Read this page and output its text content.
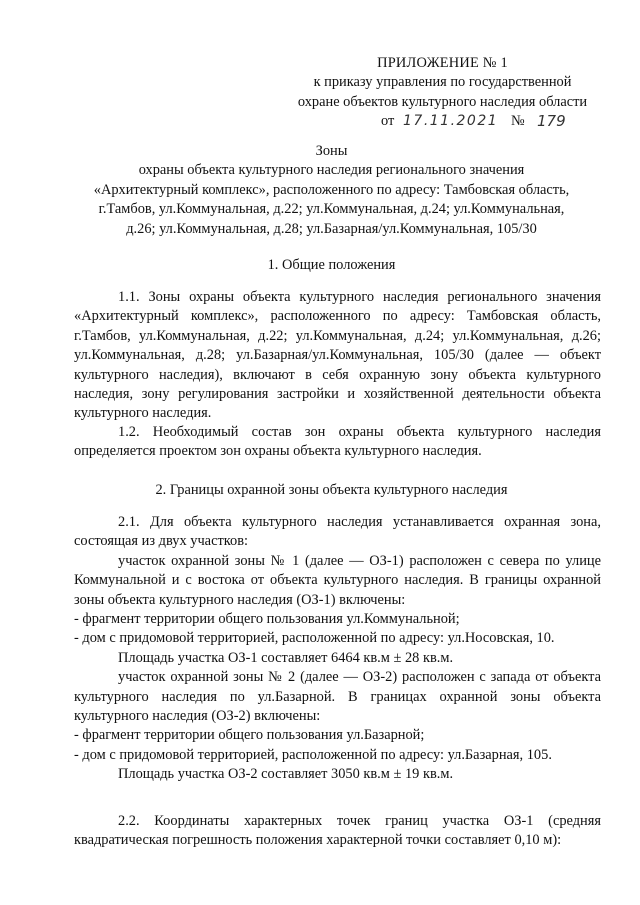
ПРИЛОЖЕНИЕ № 1
к приказу управления по государственной
охране объектов культурного наследия области
от 17.11.2021 № 179
Зоны
охраны объекта культурного наследия регионального значения
«Архитектурный комплекс», расположенного по адресу: Тамбовская область,
г.Тамбов, ул.Коммунальная, д.22; ул.Коммунальная, д.24; ул.Коммунальная,
д.26; ул.Коммунальная, д.28; ул.Базарная/ул.Коммунальная, 105/30
1. Общие положения
1.1. Зоны охраны объекта культурного наследия регионального значения «Архитектурный комплекс», расположенного по адресу: Тамбовская область, г.Тамбов, ул.Коммунальная, д.22; ул.Коммунальная, д.24; ул.Коммунальная, д.26; ул.Коммунальная, д.28; ул.Базарная/ул.Коммунальная, 105/30 (далее — объект культурного наследия), включают в себя охранную зону объекта культурного наследия, зону регулирования застройки и хозяйственной деятельности объекта культурного наследия.
1.2. Необходимый состав зон охраны объекта культурного наследия определяется проектом зон охраны объекта культурного наследия.
2. Границы охранной зоны объекта культурного наследия
2.1. Для объекта культурного наследия устанавливается охранная зона, состоящая из двух участков:
участок охранной зоны № 1 (далее — ОЗ-1) расположен с севера по улице Коммунальной и с востока от объекта культурного наследия. В границы охранной зоны объекта культурного наследия (ОЗ-1) включены:
- фрагмент территории общего пользования ул.Коммунальной;
- дом с придомовой территорией, расположенной по адресу: ул.Носовская, 10.
Площадь участка ОЗ-1 составляет 6464 кв.м ± 28 кв.м.
участок охранной зоны № 2 (далее — ОЗ-2) расположен с запада от объекта культурного наследия по ул.Базарной. В границах охранной зоны объекта культурного наследия (ОЗ-2) включены:
- фрагмент территории общего пользования ул.Базарной;
- дом с придомовой территорией, расположенной по адресу: ул.Базарная, 105.
Площадь участка ОЗ-2 составляет 3050 кв.м ± 19 кв.м.
2.2. Координаты характерных точек границ участка ОЗ-1 (средняя квадратическая погрешность положения характерной точки составляет 0,10 м):
